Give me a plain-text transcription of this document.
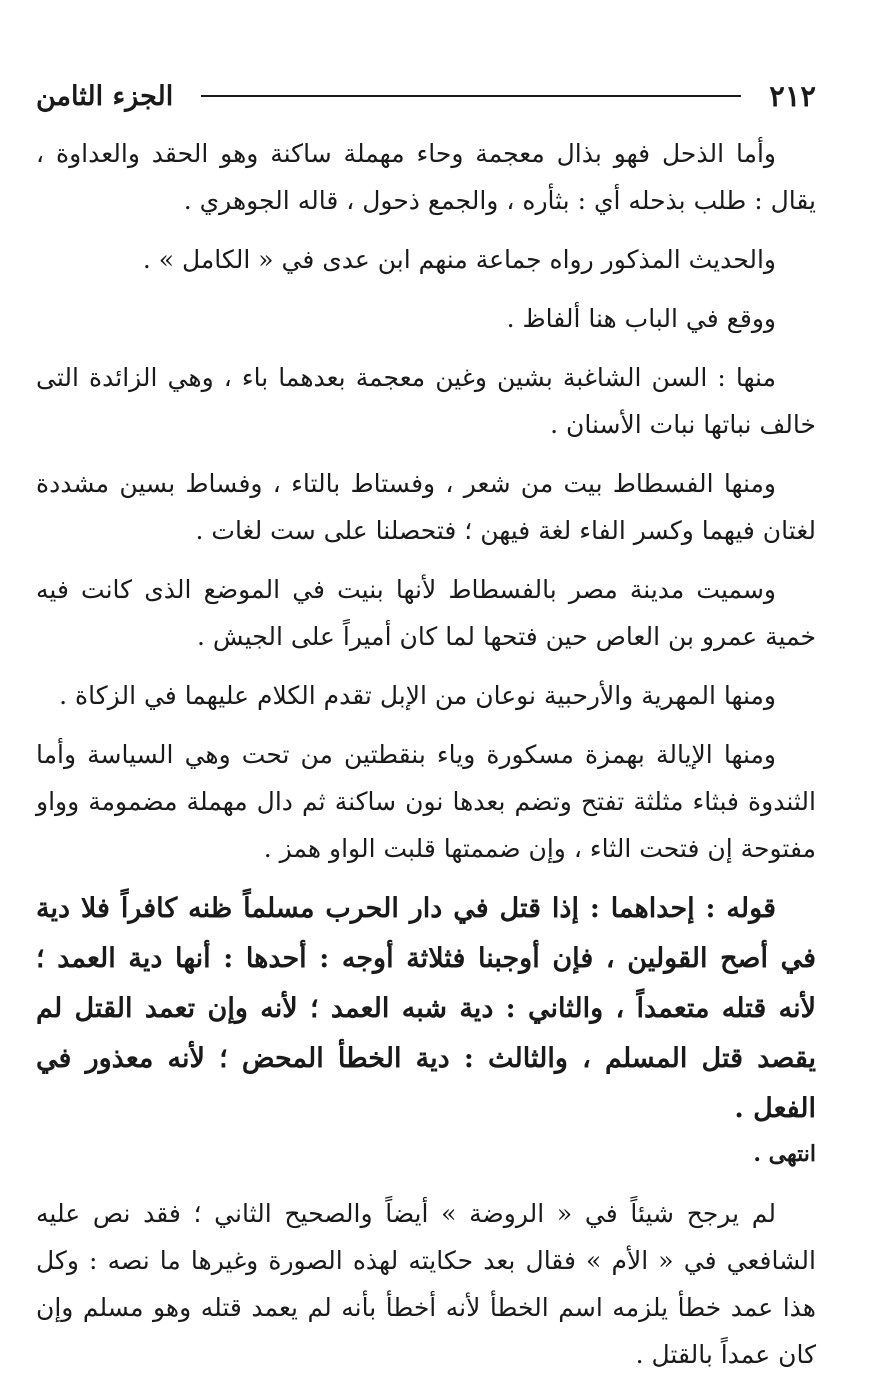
٢١٢
الجزء الثامن

وأما الذحل فهو بذال معجمة وحاء مهملة ساكنة وهو الحقد والعداوة ، يقال : طلب بذحله أي : بثأره ، والجمع ذحول ، قاله الجوهري .

والحديث المذكور رواه جماعة منهم ابن عدى في « الكامل » .

ووقع في الباب هنا ألفاظ .

منها : السن الشاغبة بشين وغين معجمة بعدهما باء ، وهي الزائدة التى خالف نباتها نبات الأسنان .

ومنها الفسطاط بيت من شعر ، وفستاط بالتاء ، وفساط بسين مشددة لغتان فيهما وكسر الفاء لغة فيهن ؛ فتحصلنا على ست لغات .

وسميت مدينة مصر بالفسطاط لأنها بنيت في الموضع الذى كانت فيه خمية عمرو بن العاص حين فتحها لما كان أميراً على الجيش .

ومنها المهرية والأرحبية نوعان من الإبل تقدم الكلام عليهما في الزكاة .

ومنها الإيالة بهمزة مسكورة وياء بنقطتين من تحت وهي السياسة وأما الثندوة فبثاء مثلثة تفتح وتضم بعدها نون ساكنة ثم دال مهملة مضمومة وواو مفتوحة إن فتحت الثاء ، وإن ضممتها قلبت الواو همز .

قوله : إحداهما : إذا قتل في دار الحرب مسلماً ظنه كافراً فلا دية في أصح القولين ، فإن أوجبنا فثلاثة أوجه : أحدها : أنها دية العمد ؛ لأنه قتله متعمداً ، والثاني : دية شبه العمد ؛ لأنه وإن تعمد القتل لم يقصد قتل المسلم ، والثالث : دية الخطأ المحض ؛ لأنه معذور في الفعل .

انتهى .

لم يرجح شيئاً في « الروضة » أيضاً والصحيح الثاني ؛ فقد نص عليه الشافعي في « الأم » فقال بعد حكايته لهذه الصورة وغيرها ما نصه : وكل هذا عمد خطأ يلزمه اسم الخطأ لأنه أخطأ بأنه لم يعمد قتله وهو مسلم وإن كان عمداً بالقتل .
